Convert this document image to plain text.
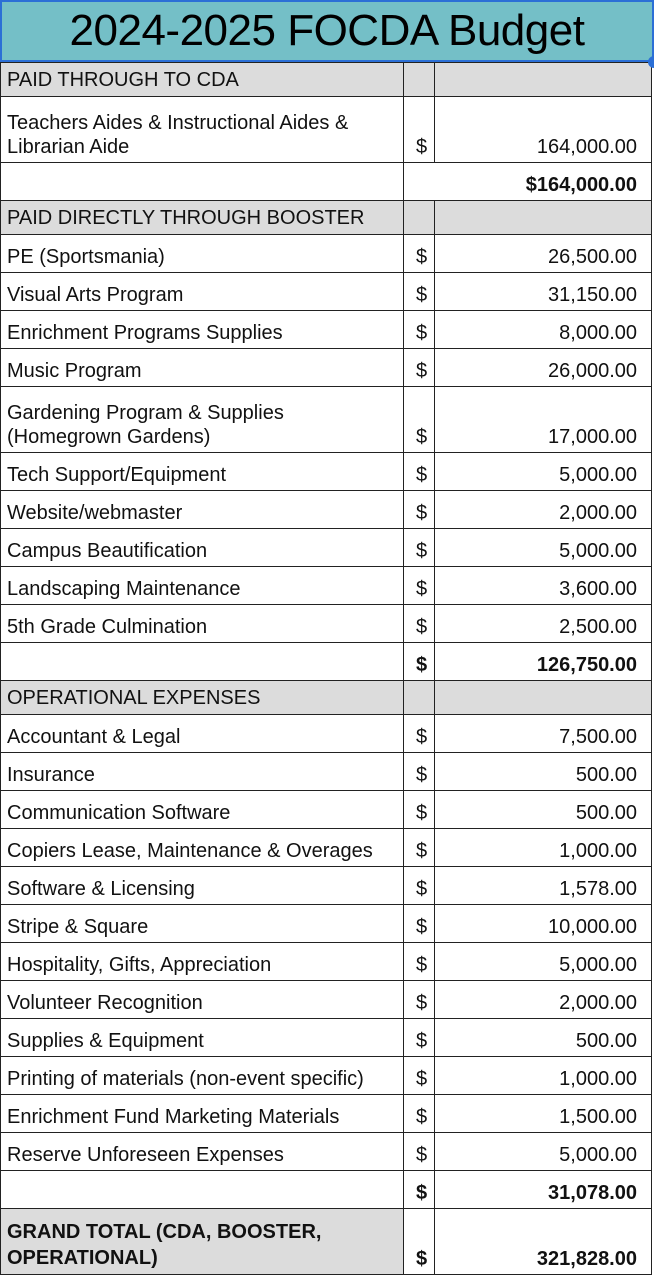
2024-2025 FOCDA Budget
PAID THROUGH TO CDA		
Teachers Aides & Instructional Aides & Librarian Aide	$	164,000.00
	$164,000.00	
PAID DIRECTLY THROUGH BOOSTER		
PE (Sportsmania)	$	26,500.00
Visual Arts Program	$	31,150.00
Enrichment Programs Supplies	$	8,000.00
Music Program	$	26,000.00
Gardening Program & Supplies (Homegrown Gardens)	$	17,000.00
Tech Support/Equipment	$	5,000.00
Website/webmaster	$	2,000.00
Campus Beautification	$	5,000.00
Landscaping Maintenance	$	3,600.00
5th Grade Culmination	$	2,500.00
	$	126,750.00
OPERATIONAL EXPENSES		
Accountant & Legal	$	7,500.00
Insurance	$	500.00
Communication Software	$	500.00
Copiers Lease, Maintenance & Overages	$	1,000.00
Software & Licensing	$	1,578.00
Stripe & Square	$	10,000.00
Hospitality, Gifts, Appreciation	$	5,000.00
Volunteer Recognition	$	2,000.00
Supplies & Equipment	$	500.00
Printing of materials (non-event specific)	$	1,000.00
Enrichment Fund Marketing Materials	$	1,500.00
Reserve Unforeseen Expenses	$	5,000.00
	$	31,078.00
GRAND TOTAL (CDA, BOOSTER, OPERATIONAL)	$	321,828.00
